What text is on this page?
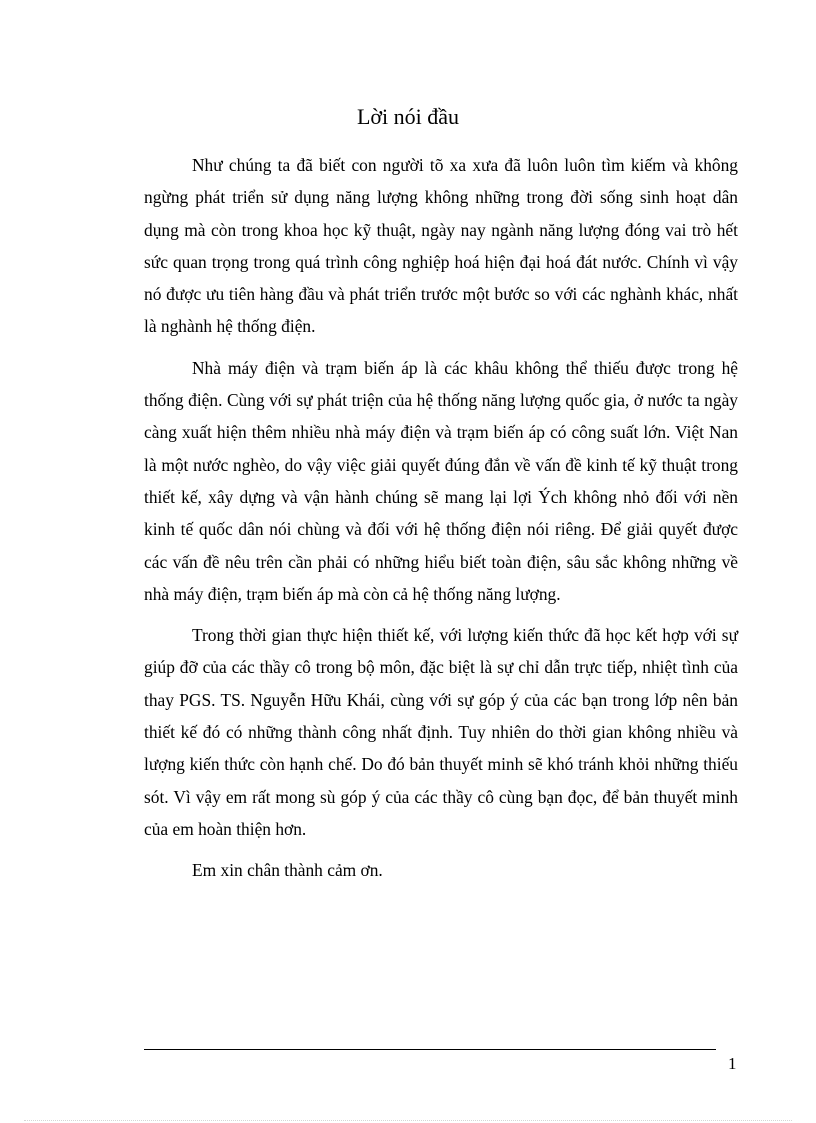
Lời nói đầu

Như chúng ta đã biết con người tõ xa xưa đã luôn luôn tìm kiếm và không ngừng phát triển sử dụng năng lượng không những trong đời sống sinh hoạt dân dụng mà còn trong khoa học kỹ thuật, ngày nay ngành năng lượng đóng vai trò hết sức quan trọng trong quá trình công nghiệp hoá hiện đại hoá đát nước. Chính vì vậy nó được ưu tiên hàng đầu và phát triển trước một bước so với các nghành khác, nhất là nghành hệ thống điện.

Nhà máy điện và trạm biến áp là các khâu không thể thiếu được trong hệ thống điện. Cùng với sự phát triện của hệ thống năng lượng quốc gia, ở nước ta ngày càng xuất hiện thêm nhiều nhà máy điện và trạm biến áp có công suất lớn. Việt Nan là một nước nghèo, do vậy việc giải quyết đúng đắn về vấn đề kinh tế kỹ thuật trong thiết kế, xây dựng và vận hành chúng sẽ mang lại lợi Ých không nhỏ đối với nền kinh tế quốc dân nói chùng và đối với hệ thống điện nói riêng. Để giải quyết được các vấn đề nêu trên cần phải có những hiểu biết toàn điện, sâu sắc không những về nhà máy điện, trạm biến áp mà còn cả hệ thống năng lượng.

Trong thời gian thực hiện thiết kế, với lượng kiến thức đã học kết hợp với sự giúp đỡ của các thầy cô trong bộ môn, đặc biệt là sự chỉ dẫn trực tiếp, nhiệt tình của thay PGS. TS. Nguyễn Hữu Khái, cùng với sự góp ý của các bạn trong lớp nên bản thiết kế đó có những thành công nhất định. Tuy nhiên do thời gian không nhiều và lượng kiến thức còn hạnh chế. Do đó bản thuyết minh sẽ khó tránh khỏi những thiếu sót. Vì vậy em rất mong sù góp ý của các thầy cô cùng bạn đọc, để bản thuyết minh của em hoàn thiện hơn.

Em xin chân thành cảm ơn.

1
